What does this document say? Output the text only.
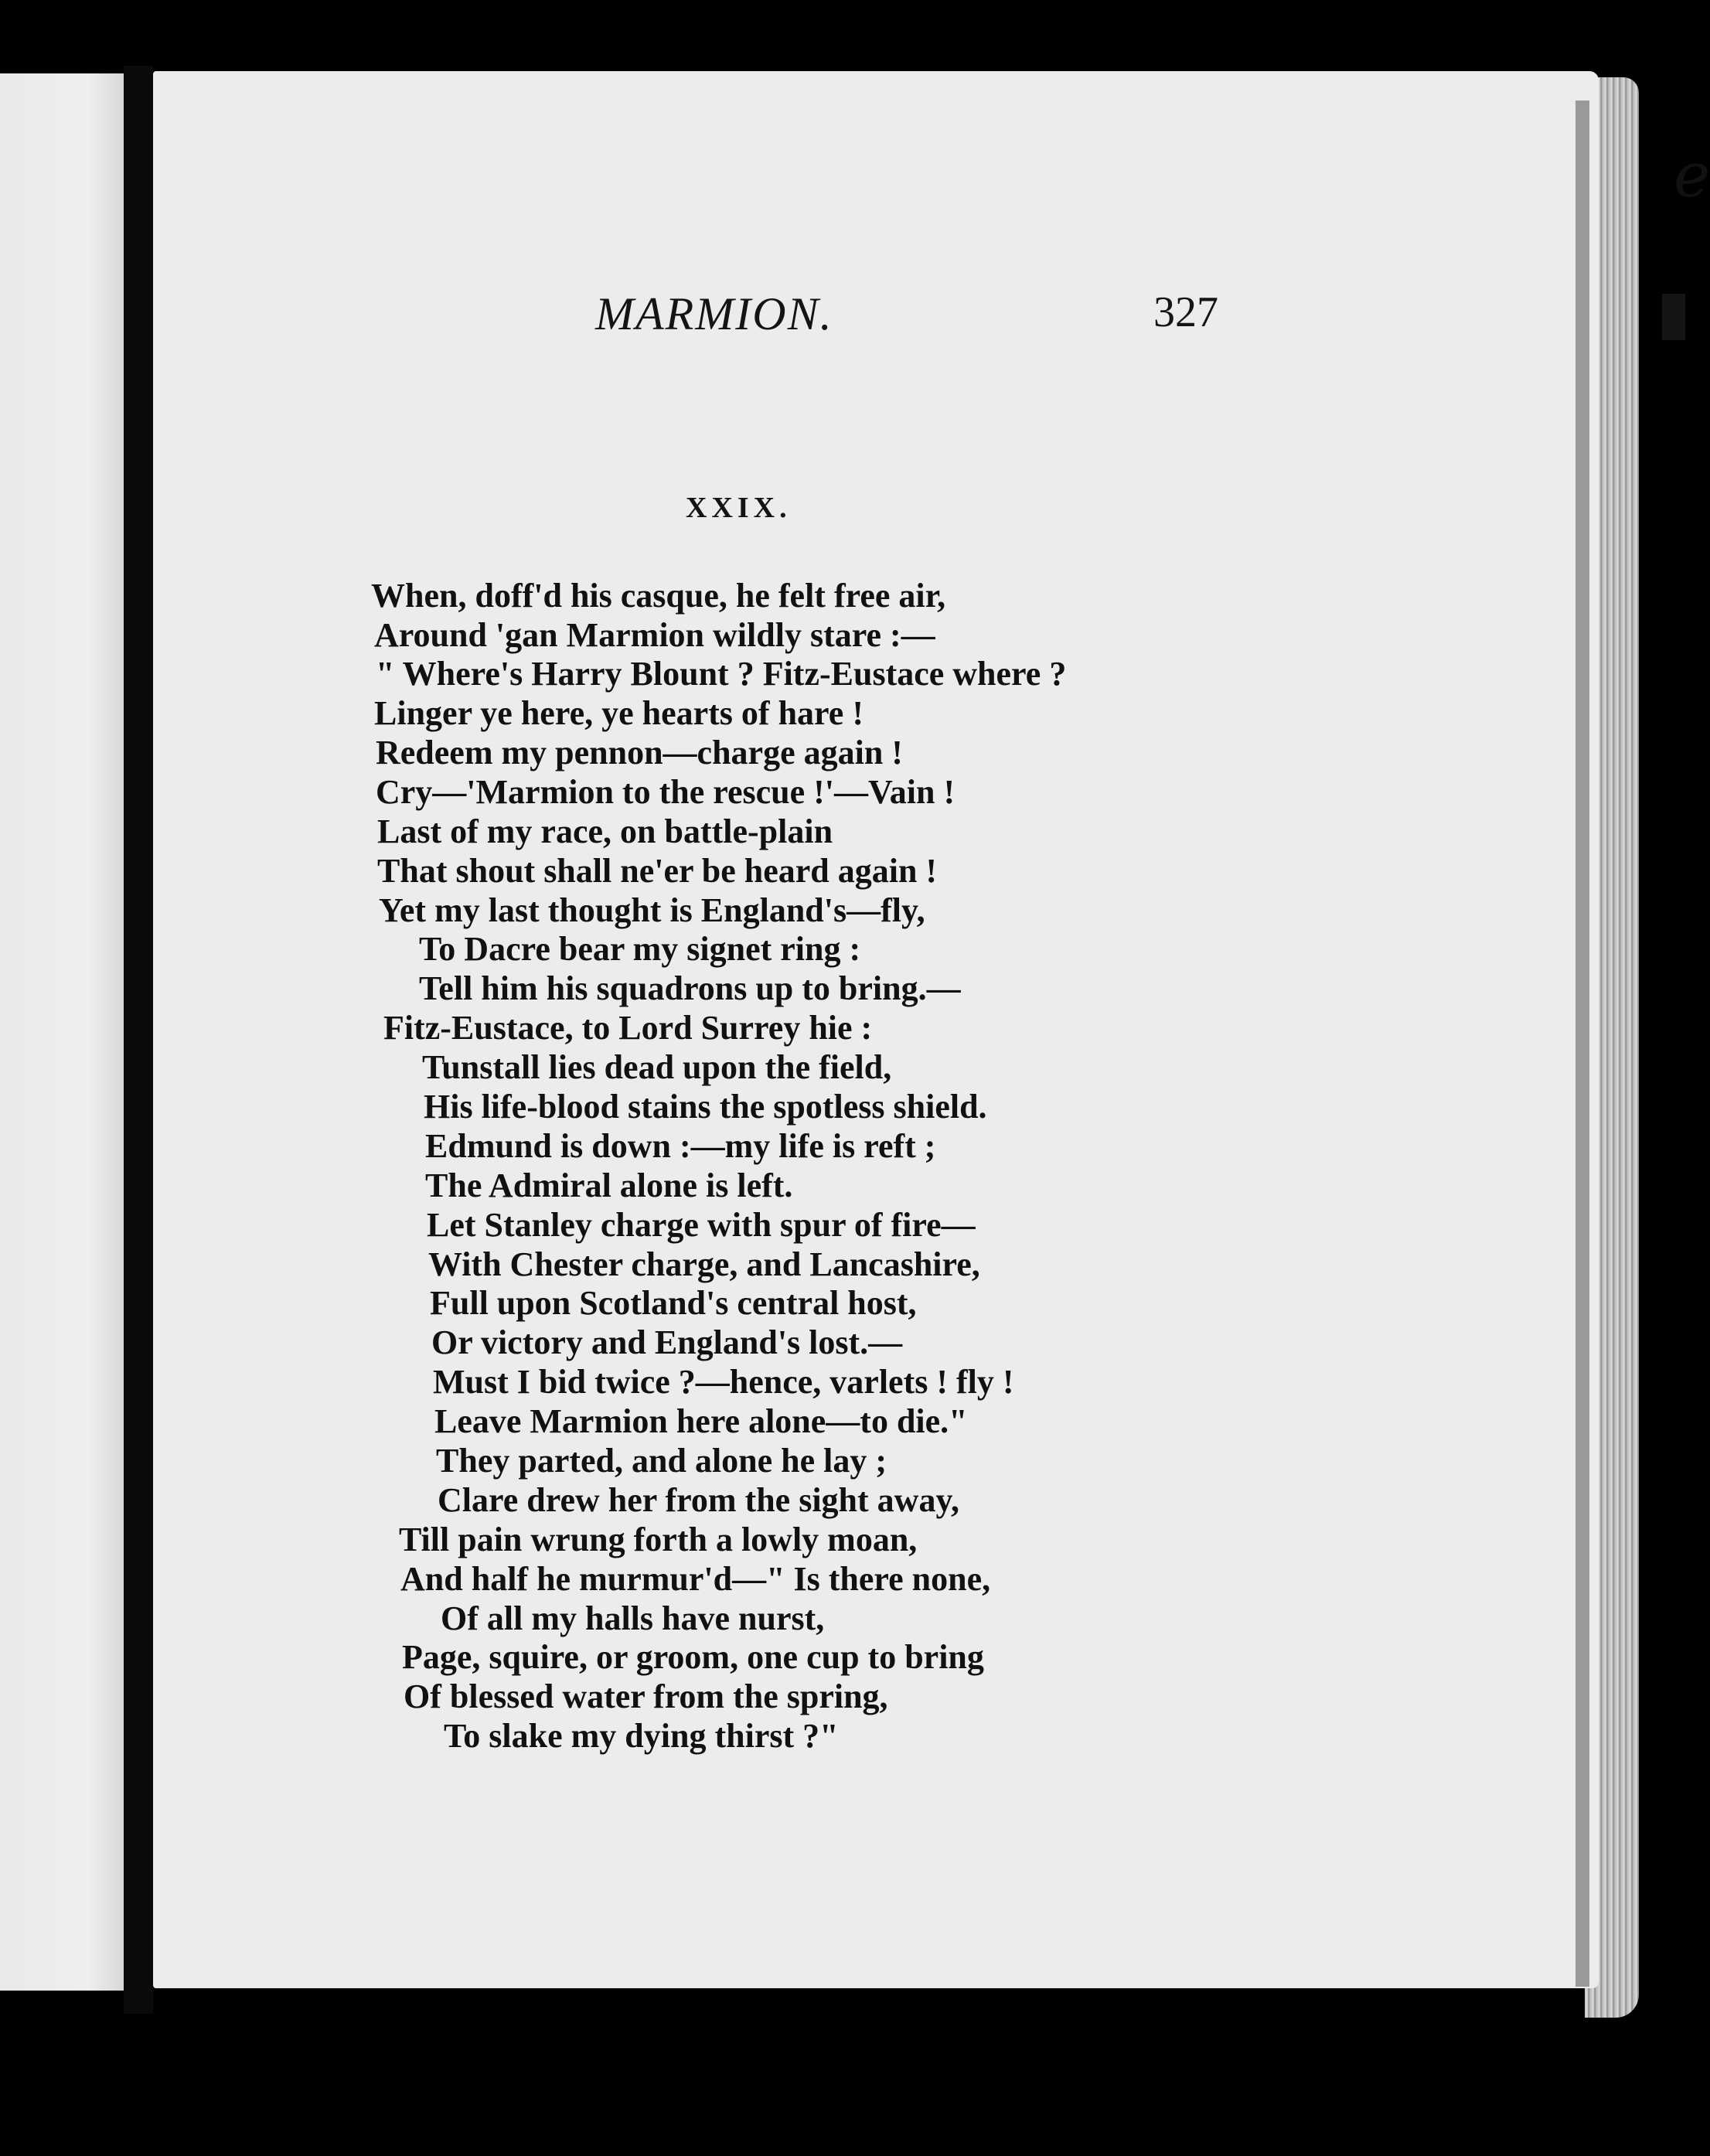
e
MARMION.	327
XXIX.
When, doff'd his casque, he felt free air,
Around 'gan Marmion wildly stare :—
" Where's Harry Blount ? Fitz-Eustace where ?
Linger ye here, ye hearts of hare !
Redeem my pennon—charge again !
Cry—'Marmion to the rescue !'—Vain !
Last of my race, on battle-plain
That shout shall ne'er be heard again !
Yet my last thought is England's—fly,
To Dacre bear my signet ring :
Tell him his squadrons up to bring.—
Fitz-Eustace, to Lord Surrey hie :
Tunstall lies dead upon the field,
His life-blood stains the spotless shield.
Edmund is down :—my life is reft ;
The Admiral alone is left.
Let Stanley charge with spur of fire—
With Chester charge, and Lancashire,
Full upon Scotland's central host,
Or victory and England's lost.—
Must I bid twice ?—hence, varlets ! fly !
Leave Marmion here alone—to die."
They parted, and alone he lay ;
Clare drew her from the sight away,
Till pain wrung forth a lowly moan,
And half he murmur'd—" Is there none,
Of all my halls have nurst,
Page, squire, or groom, one cup to bring
Of blessed water from the spring,
To slake my dying thirst ?"
